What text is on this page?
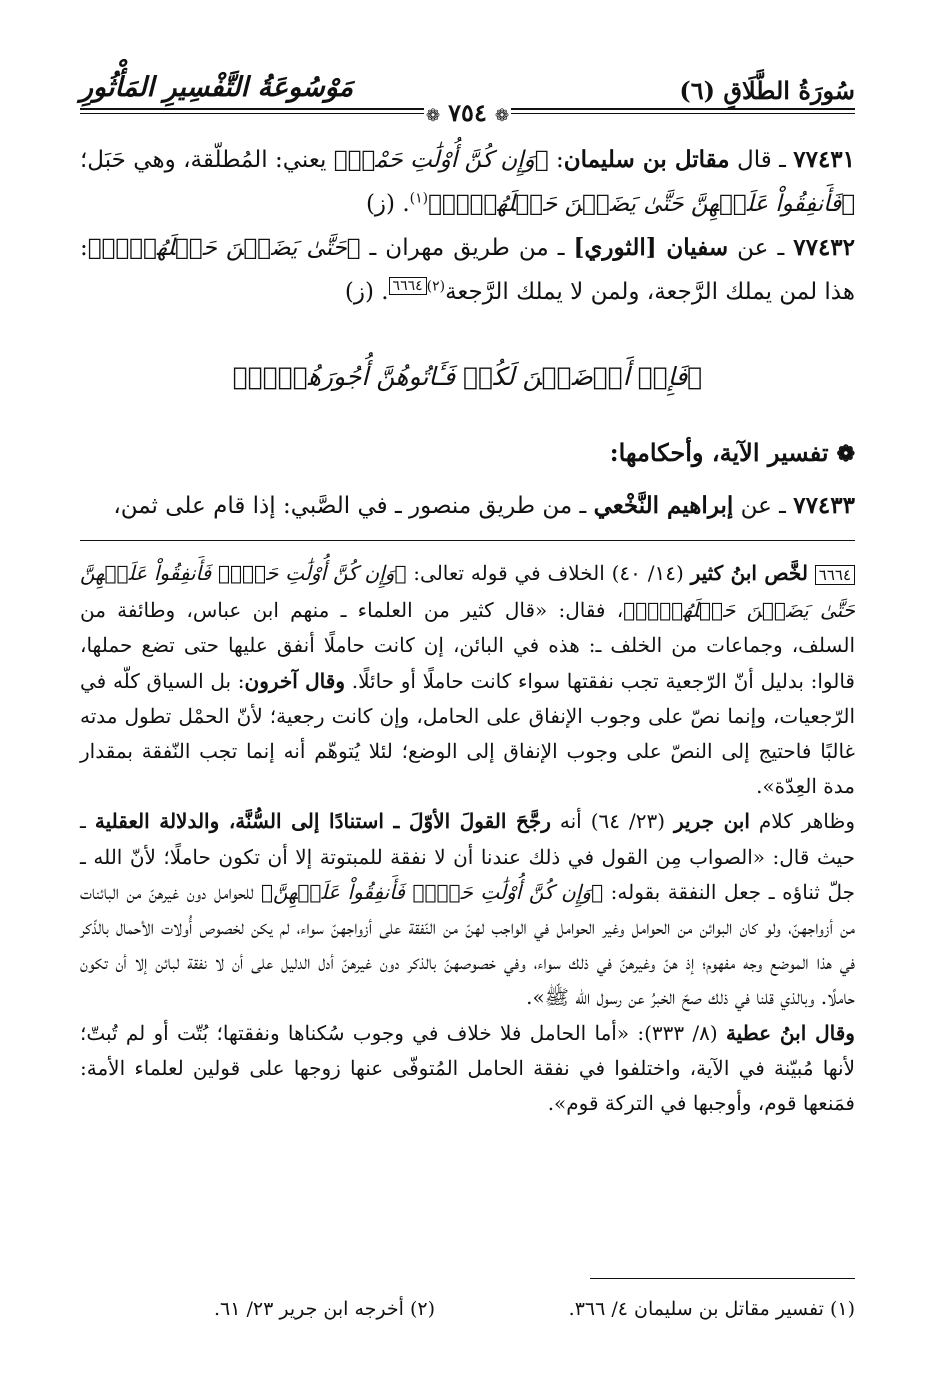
سُورَةُ الطَّلَاقِ (٦)
مَوْسُوعَةُ التَّفْسِيرِ المَأْثُورِ
❁ ٧٥٤ ❁

٧٧٤٣١ ـ قال مقاتل بن سليمان: ﴿وَإِن كُنَّ أُوْلَٰتِ حَمْلٖ﴾ يعني: المُطلّقة، وهي حَبَل؛ ﴿فَأَنفِقُواْ عَلَيۡهِنَّ حَتَّىٰ يَضَعۡنَ حَمۡلَهُنَّۚ﴾$^{(١)}$. (ز)

٧٧٤٣٢ ـ عن سفيان [الثوري] ـ من طريق مهران ـ ﴿حَتَّىٰ يَضَعۡنَ حَمۡلَهُنَّۚ﴾: هذا لمن يملك الرَّجعة، ولمن لا يملك الرَّجعة$^{(٢)٦٦٦٤}$. (ز)

﴿فَإِنۡ أَرۡضَعۡنَ لَكُمۡ فَـَٔاتُوهُنَّ أُجُورَهُنَّۖ﴾
❁تفسير الآية، وأحكامها:
٧٧٤٣٣ ـ عن إبراهيم النَّخْعي ـ من طريق منصور ـ في الصَّبي: إذا قام على ثمن،

٦٦٦٤ لخَّص ابنُ كثير (١٤/ ٤٠) الخلاف في قوله تعالى: ﴿وَإِن كُنَّ أُوْلَٰتِ حَمۡلٖ فَأَنفِقُواْ عَلَيۡهِنَّ حَتَّىٰ يَضَعۡنَ حَمۡلَهُنَّۚ﴾، فقال: «قال كثير من العلماء ـ منهم ابن عباس، وطائفة من السلف، وجماعات من الخلف ـ: هذه في البائن، إن كانت حاملًا أنفق عليها حتى تضع حملها، قالوا: بدليل أنّ الرّجعية تجب نفقتها سواء كانت حاملًا أو حائلًا. وقال آخرون: بل السياق كلّه في الرّجعيات، وإنما نصّ على وجوب الإنفاق على الحامل، وإن كانت رجعية؛ لأنّ الحمْل تطول مدته غالبًا فاحتيج إلى النصّ على وجوب الإنفاق إلى الوضع؛ لئلا يُتوهّم أنه إنما تجب النّفقة بمقدار مدة العِدّة».

وظاهر كلام ابن جرير (٢٣/ ٦٤) أنه رجَّحَ القولَ الأوّلَ ـ استنادًا إلى السُّنَّة، والدلالة العقلية ـ حيث قال: «الصواب مِن القول في ذلك عندنا أن لا نفقة للمبتوتة إلا أن تكون حاملًا؛ لأنّ الله ـ جلّ ثناؤه ـ جعل النفقة بقوله: ﴿وَإِن كُنَّ أُوْلَٰتِ حَمۡلٖ فَأَنفِقُواْ عَلَيۡهِنَّ﴾ للحوامل دون غيرهنّ من البائنات من أزواجهنّ، ولو كان البوائن من الحوامل وغير الحوامل في الواجب لهنّ من النّفقة على أزواجهنّ سواء، لم يكن لخصوص أُولات الأحمال بالذّكر في هذا الموضع وجه مفهوم؛ إذ هنّ وغيرهنّ في ذلك سواء، وفي خصوصهنّ بالذكر دون غيرهنّ أدل الدليل على أن لا نفقة لبائن إلا أن تكون حاملًا. وبالذي قلنا في ذلك صحّ الخبرُ عن رسول الله ﷺ».

وقال ابنُ عطية (٨/ ٣٣٣): «أما الحامل فلا خلاف في وجوب سُكناها ونفقتها؛ بُتّت أو لم تُبتّ؛ لأنها مُبيّنة في الآية، واختلفوا في نفقة الحامل المُتوفّى عنها زوجها على قولين لعلماء الأمة: فمَنعها قوم، وأوجبها في التركة قوم».

(١) تفسير مقاتل بن سليمان ٤/ ٣٦٦.
(٢) أخرجه ابن جرير ٢٣/ ٦١.
